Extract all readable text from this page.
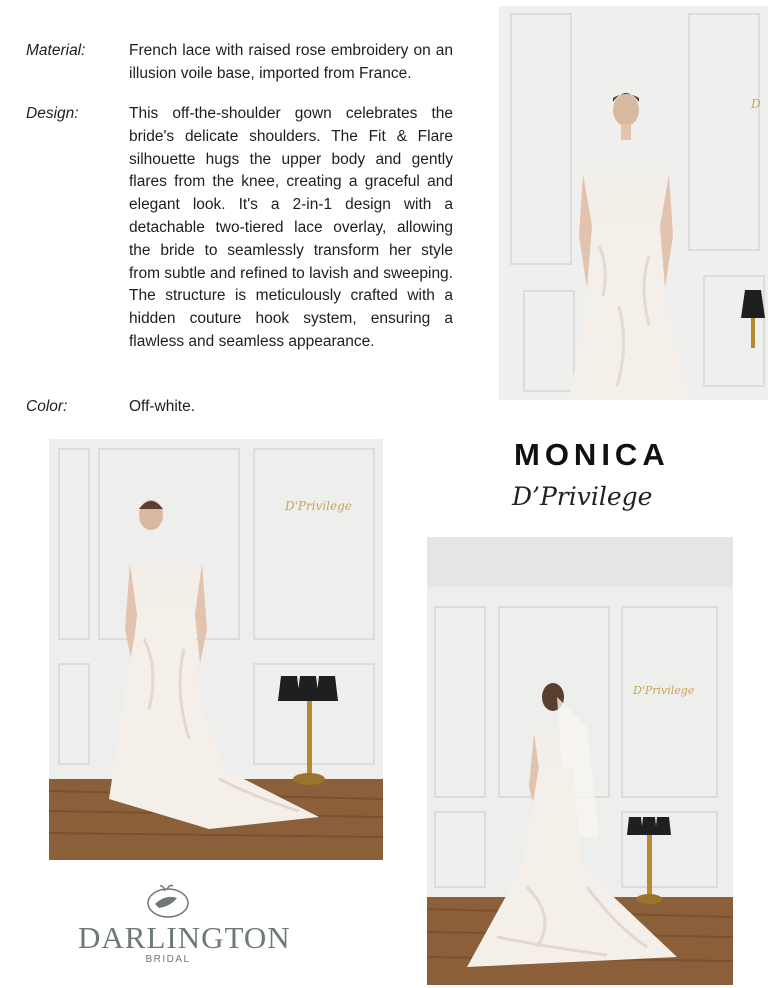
Material:	French lace with raised rose embroidery on an illusion voile base, imported from France.
Design:	This off-the-shoulder gown celebrates the bride's delicate shoulders. The Fit & Flare silhouette hugs the upper body and gently flares from the knee, creating a graceful and elegant look. It's a 2-in-1 design with a detachable two-tiered lace overlay, allowing the bride to seamlessly transform her style from subtle and refined to lavish and sweeping. The structure is meticulously crafted with a hidden couture hook system, ensuring a flawless and seamless appearance.
Color:	Off-white.
D
D'Privilege
D'Privilege
MONICA
D’Privilege
DARLINGTON
BRIDAL
